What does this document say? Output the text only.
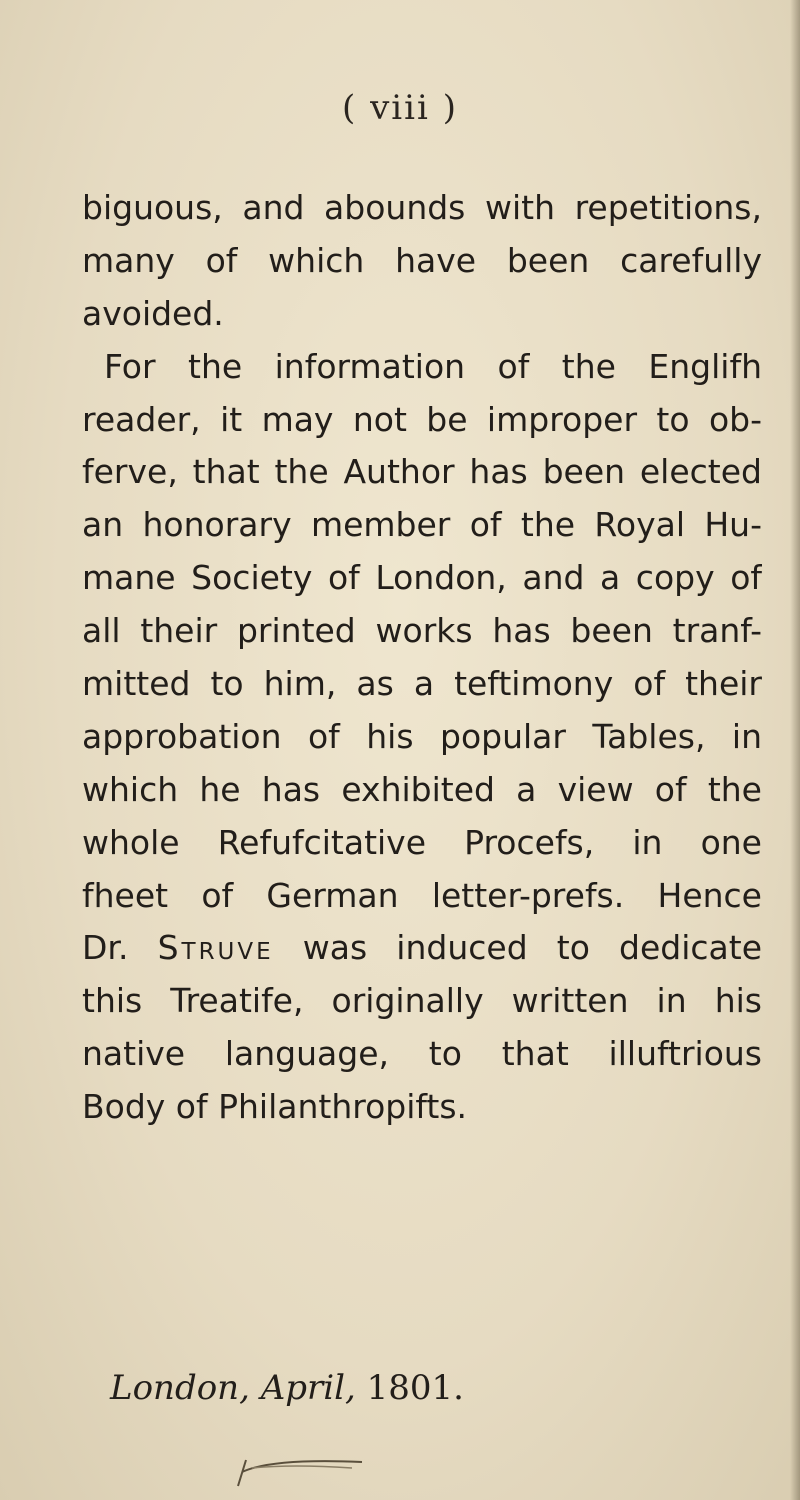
( viii )
biguous, and abounds with repetitions,
many of which have been carefully
avoided.
For the information of the Englifh
reader, it may not be improper to ob-
ferve, that the Author has been elected
an honorary member of the Royal Hu-
mane Society of London, and a copy of
all their printed works has been tranf-
mitted to him, as a teftimony of their
approbation of his popular Tables, in
which he has exhibited a view of the
whole Refufcitative Procefs, in one
fheet of German letter-prefs. Hence
Dr. Struve was induced to dedicate
this Treatife, originally written in his
native language, to that illuftrious
Body of Philanthropifts.
London, April, 1801.
